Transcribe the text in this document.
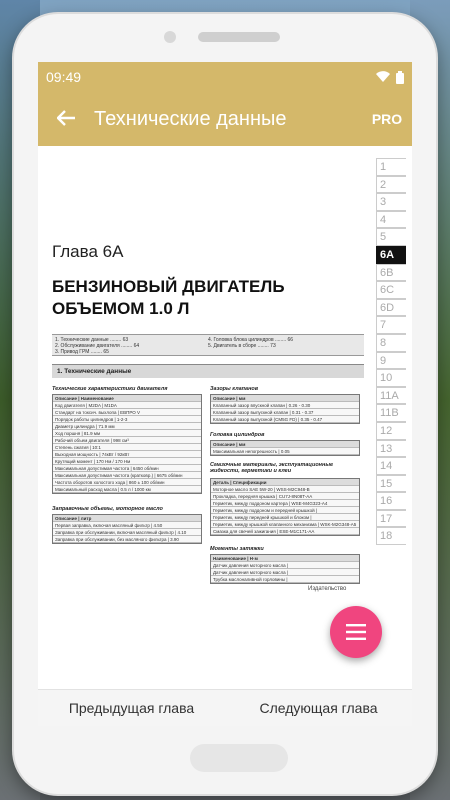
09:49
Технические данные	PRO
Глава 6А
БЕНЗИНОВЫЙ ДВИГАТЕЛЬ ОБЪЕМОМ 1.0 Л
1. Технические данные ........ 63
2. Обслуживание двигателя ........ 64
3. Привод ГРМ ........ 65
4. Головка блока цилиндров ........ 66
5. Двигатель в сборе ........ 73
1. Технические данные
Технические характеристики двигателя
Описание | Наименование
Код двигателя | M2DA | M1DA
Стандарт на токсич. выхлопа | EBПРО V
Порядок работы цилиндров | 1-2-3
Диаметр цилиндра | 71.9 мм
Ход поршня | 81.9 мм
Рабочий объем двигателя | 998 см³
Степень сжатия | 10:1
Выходная мощность | 74кВт / 92кВт
Крутящий момент | 170 Нм / 170 Нм
Максимальная допустимая частота | 6450 об/мин
Максимальная допустимая частота (кратковр.) | 6675 об/мин
Частота оборотов холостого хода | 860 ± 100 об/мин
Максимальный расход масла | 0.5 л / 1000 км
Зазоры клапанов
Описание | мм
Клапанный зазор впускной клапан | 0.26 - 0.30
Клапанный зазор выпускной клапан | 0.31 - 0.37
Клапанный зазор выпускной (CM5G FD) | 0.35 - 0.47
Головка цилиндров
Описание | мм
Максимальная непогрешность | 0.05
Смазочные материалы, эксплуатационные жидкости, герметики и клеи
Деталь | Спецификации
Моторное масло SAE 5W-20 | WSS-M2C948-B
Прокладка, передняя крышка | CU7J-8N08T-AA
Герметик, между поддоном картера | WSE-M4G323-A4
Герметик, между поддоном и передней крышкой |
Герметик, между передней крышкой и блоком |
Герметик, между крышкой клапанного механизма | WSK-M2G348-A5
Смазка для свечей зажигания | ESE-M1C171-AA
Заправочные объемы, моторное масло
Описание | литр
Первая заправка, включая масляный фильтр | 4.50
Заправка при обслуживании, включая масляный фильтр | 4.10
Заправка при обслуживании, без масляного фильтра | 3.90
Моменты затяжки
Наименование | Н·м
Датчик давления моторного масла |
Датчик давления моторного масла |
Трубка маслоналивной горловины |
Издательство
1
2
3
4
5
6A
6B
6C
6D
7
8
9
10
11A
11B
12
13
14
15
16
17
18
Предыдущая глава	Следующая глава
